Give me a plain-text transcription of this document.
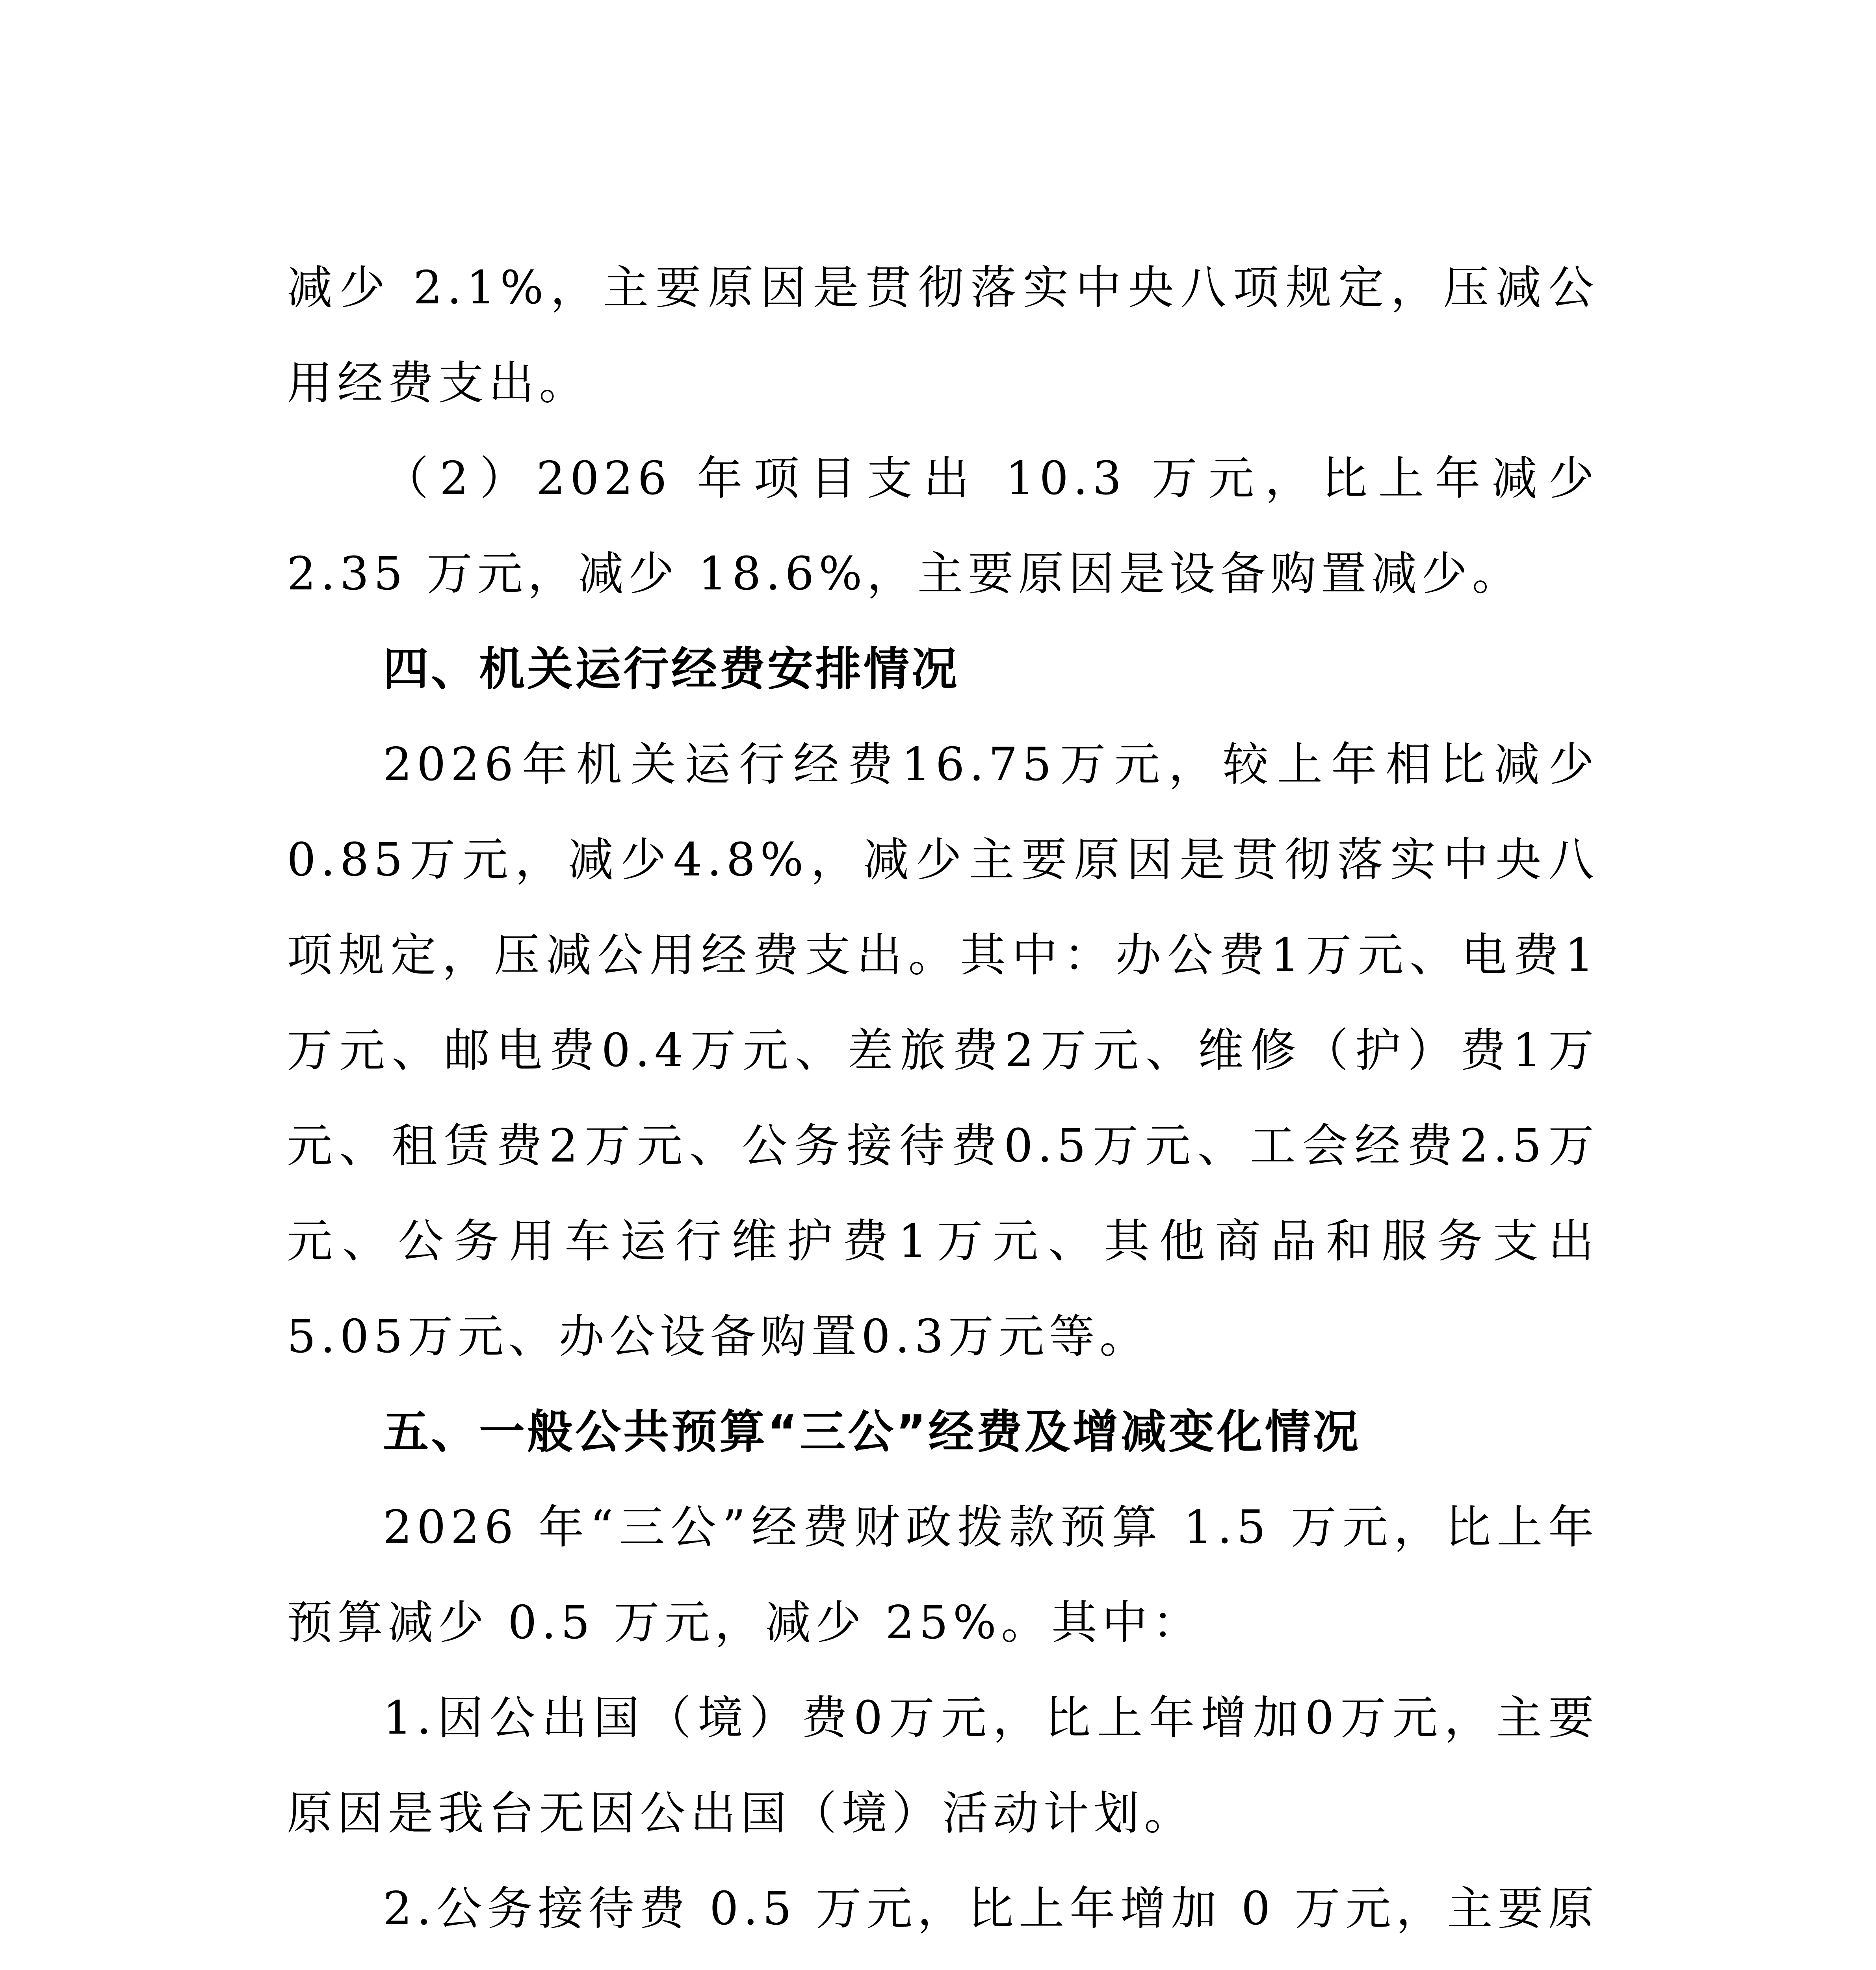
减少 2.1%，主要原因是贯彻落实中央八项规定，压减公用经费支出。

（2）2026 年项目支出 10.3 万元，比上年减少 2.35 万元，减少 18.6%，主要原因是设备购置减少。

四、机关运行经费安排情况

2026年机关运行经费16.75万元，较上年相比减少0.85万元，减少4.8%，减少主要原因是贯彻落实中央八项规定，压减公用经费支出。其中：办公费1万元、电费1万元、邮电费0.4万元、差旅费2万元、维修（护）费1万元、租赁费2万元、公务接待费0.5万元、工会经费2.5万元、公务用车运行维护费1万元、其他商品和服务支出5.05万元、办公设备购置0.3万元等。

五、一般公共预算“三公”经费及增减变化情况

2026 年“三公”经费财政拨款预算 1.5 万元，比上年预算减少 0.5 万元，减少 25%。其中：

1.因公出国（境）费0万元，比上年增加0万元，主要原因是我台无因公出国（境）活动计划。

2.公务接待费 0.5 万元，比上年增加 0 万元，主要原
